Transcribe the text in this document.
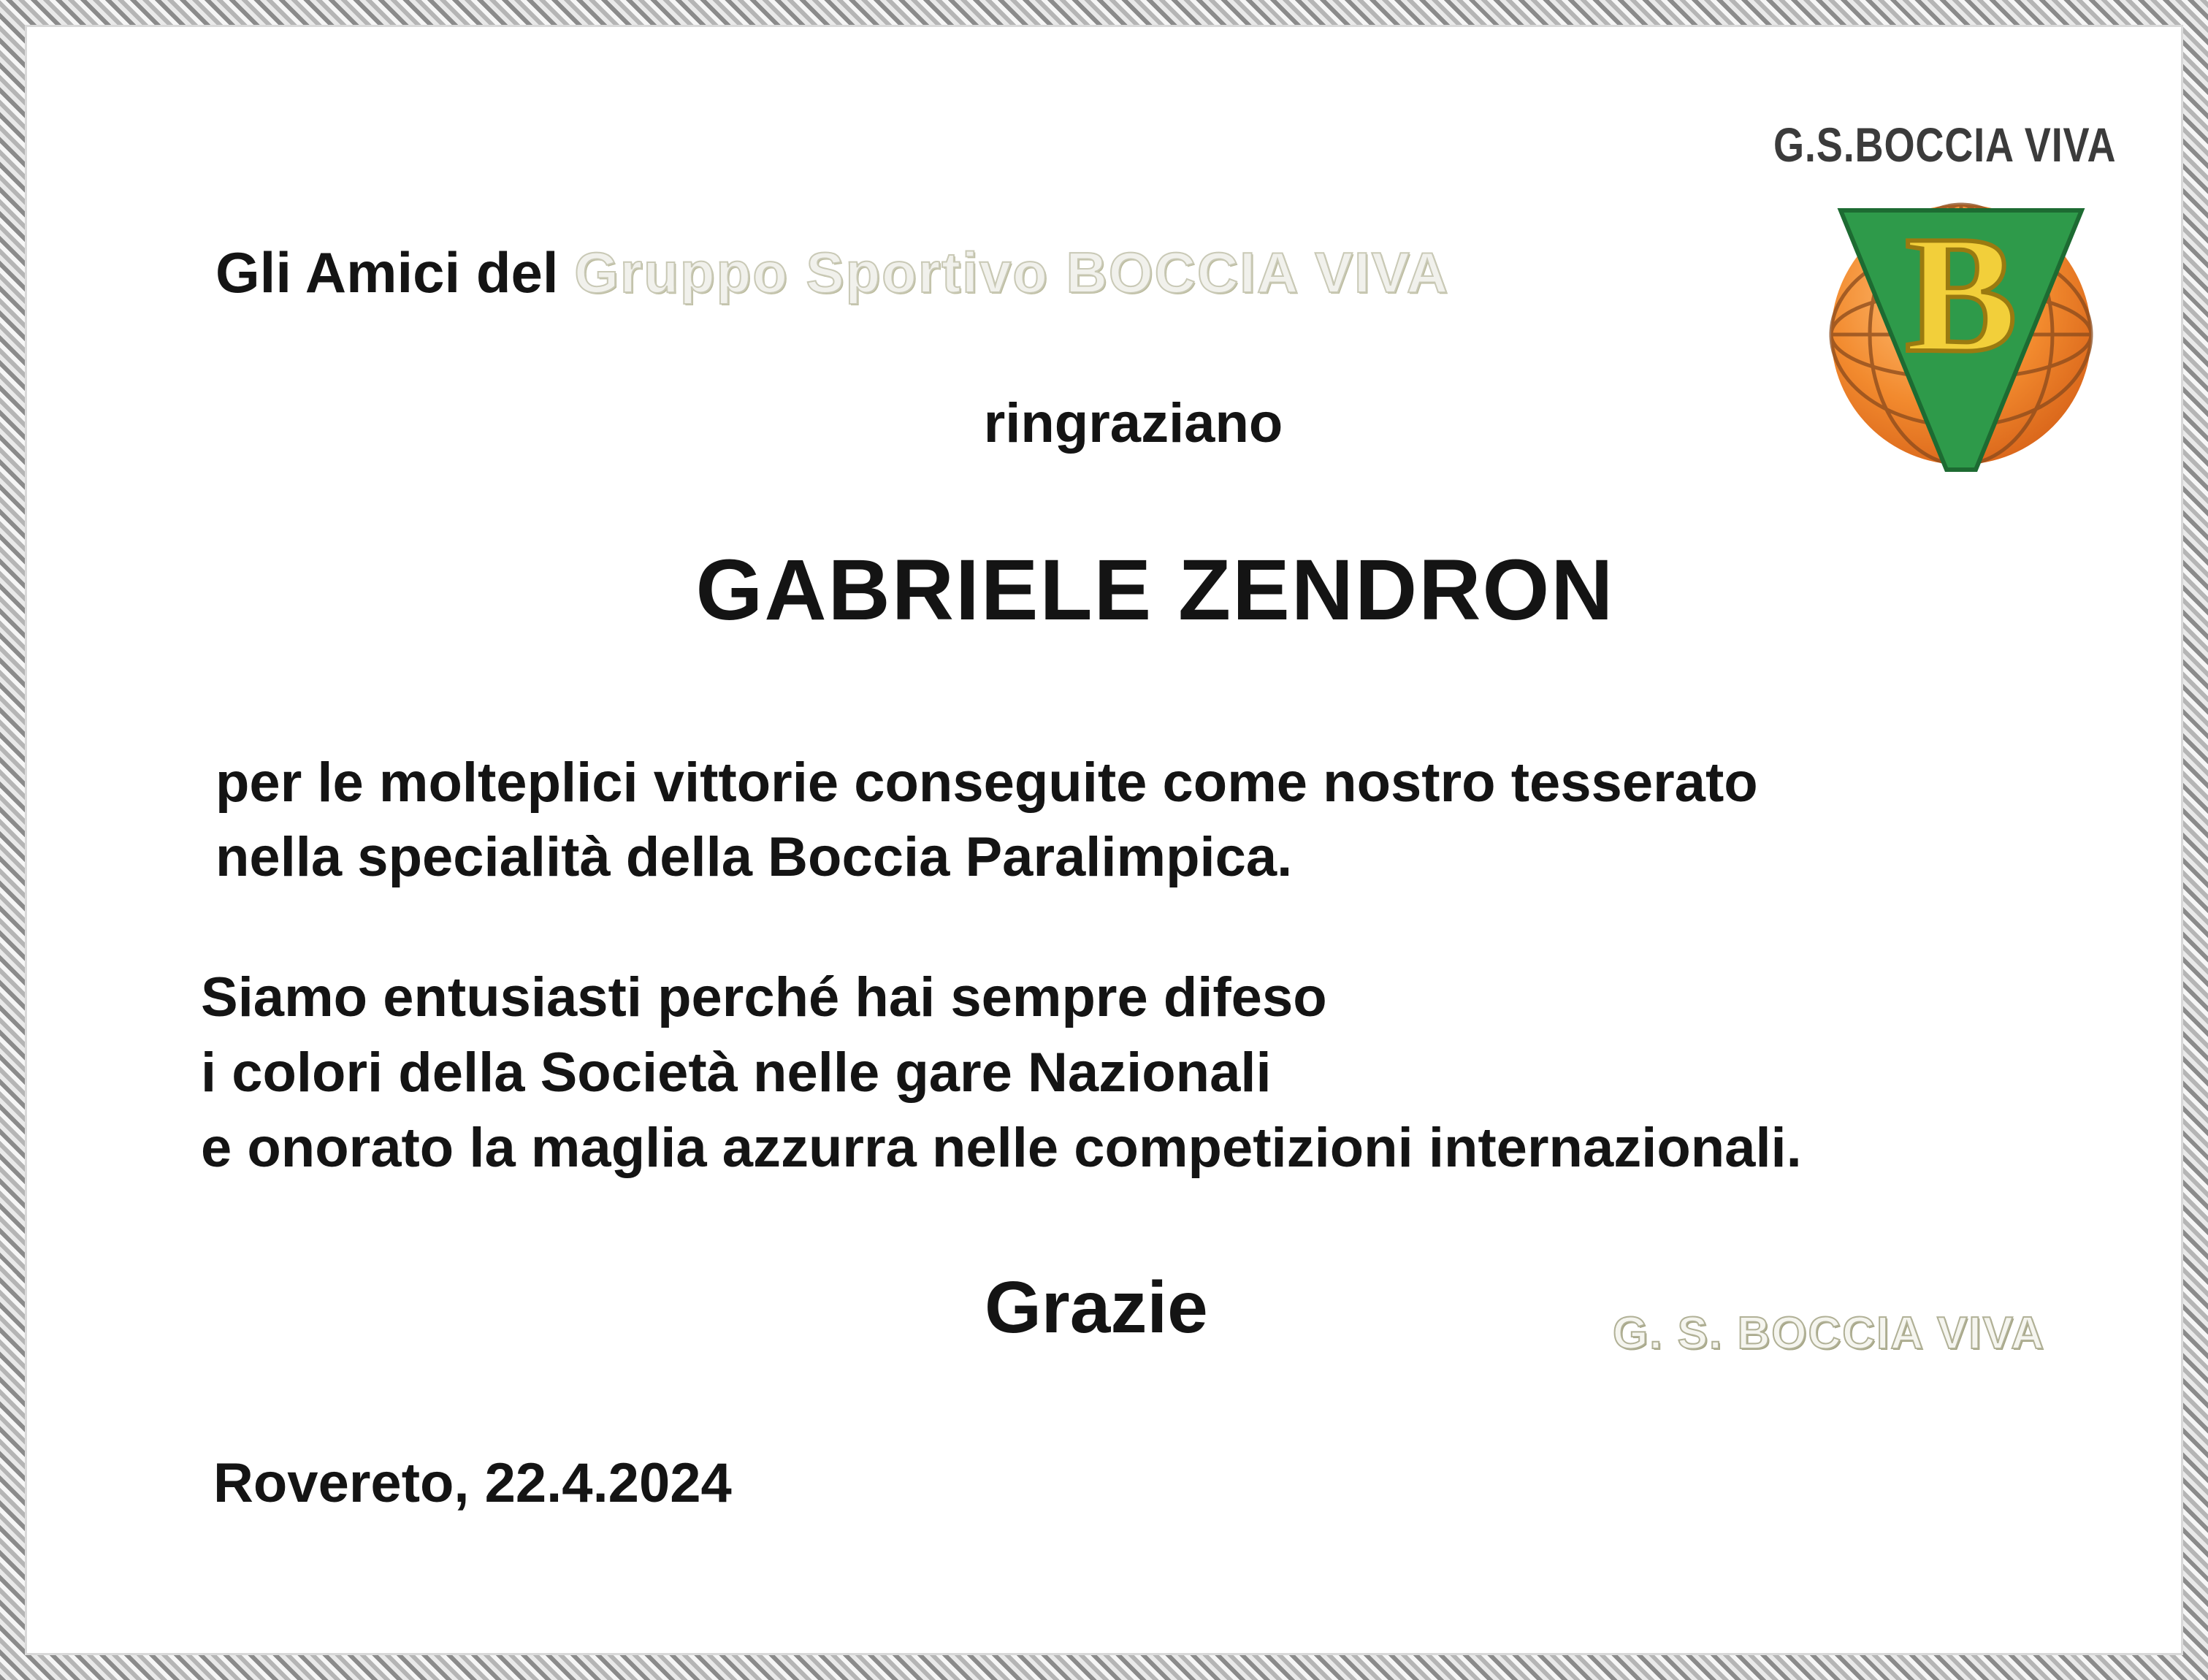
Gli Amici del Gruppo Sportivo BOCCIA VIVA

ringraziano

GABRIELE ZENDRON

per le molteplici vittorie conseguite come nostro tesserato

nella specialità della Boccia Paralimpica.

Siamo entusiasti perché hai sempre difeso

i colori della Società nelle gare Nazionali

e onorato la maglia azzurra nelle competizioni internazionali.

Grazie

Rovereto, 22.4.2024

G.S.BOCCIA VIVA
B
G. S. BOCCIA VIVA
